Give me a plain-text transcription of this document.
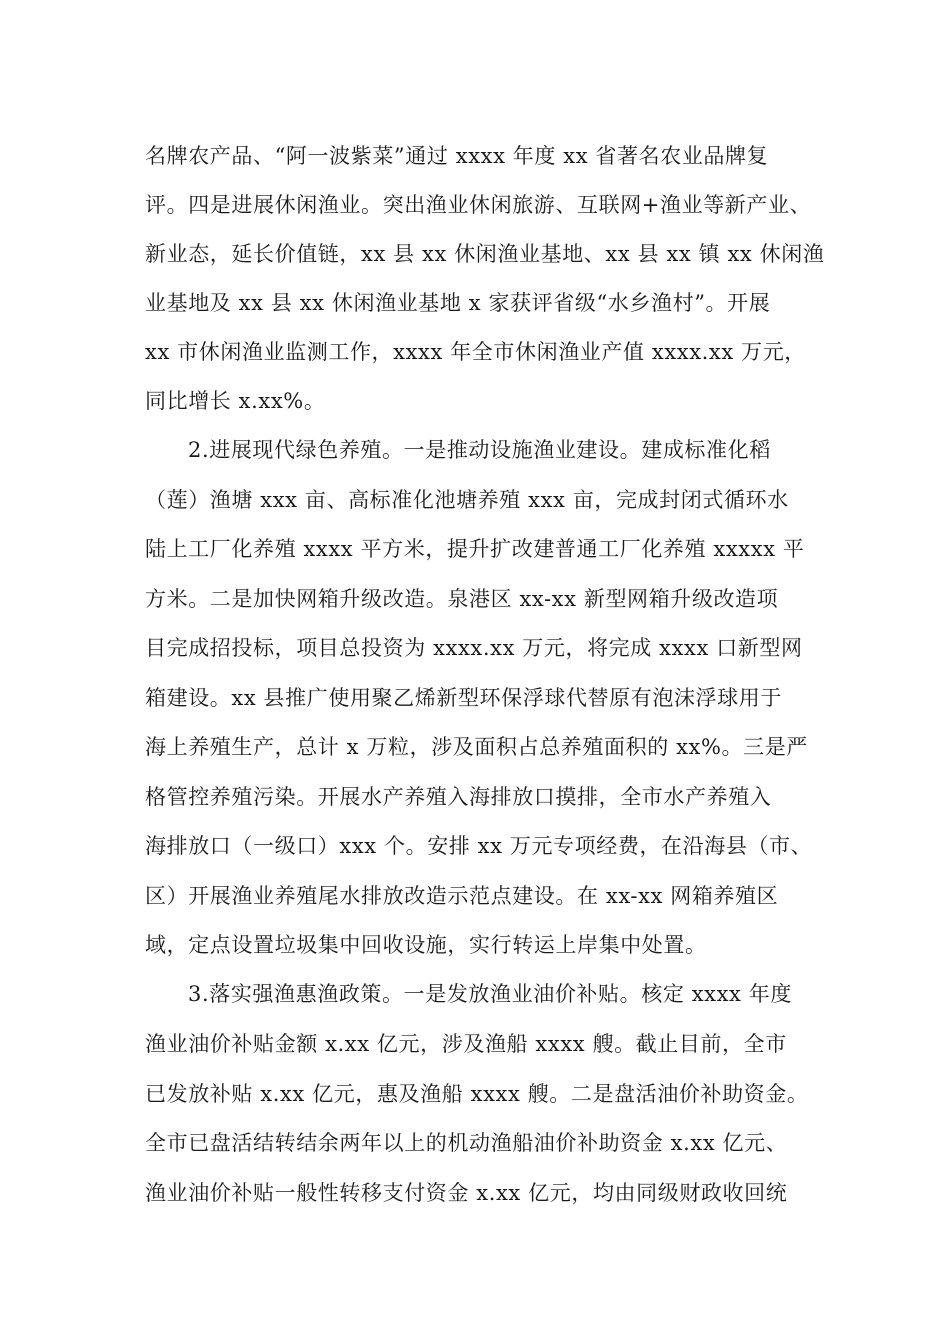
名牌农产品、“阿一波紫菜”通过 xxxx 年度 xx 省著名农业品牌复
评。四是进展休闲渔业。突出渔业休闲旅游、互联网+渔业等新产业、
新业态，延长价值链，xx 县 xx 休闲渔业基地、xx 县 xx 镇 xx 休闲渔
业基地及 xx 县 xx 休闲渔业基地 x 家获评省级“水乡渔村”。开展
xx 市休闲渔业监测工作，xxxx 年全市休闲渔业产值 xxxx.xx 万元，
同比增长 x.xx%。
2.进展现代绿色养殖。一是推动设施渔业建设。建成标准化稻
（莲）渔塘 xxx 亩、高标准化池塘养殖 xxx 亩，完成封闭式循环水
陆上工厂化养殖 xxxx 平方米，提升扩改建普通工厂化养殖 xxxxx 平
方米。二是加快网箱升级改造。泉港区 xx-xx 新型网箱升级改造项
目完成招投标，项目总投资为 xxxx.xx 万元，将完成 xxxx 口新型网
箱建设。xx 县推广使用聚乙烯新型环保浮球代替原有泡沫浮球用于
海上养殖生产，总计 x 万粒，涉及面积占总养殖面积的 xx%。三是严
格管控养殖污染。开展水产养殖入海排放口摸排，全市水产养殖入
海排放口（一级口）xxx 个。安排 xx 万元专项经费，在沿海县（市、
区）开展渔业养殖尾水排放改造示范点建设。在 xx-xx 网箱养殖区
域，定点设置垃圾集中回收设施，实行转运上岸集中处置。
3.落实强渔惠渔政策。一是发放渔业油价补贴。核定 xxxx 年度
渔业油价补贴金额 x.xx 亿元，涉及渔船 xxxx 艘。截止目前，全市
已发放补贴 x.xx 亿元，惠及渔船 xxxx 艘。二是盘活油价补助资金。
全市已盘活结转结余两年以上的机动渔船油价补助资金 x.xx 亿元、
渔业油价补贴一般性转移支付资金 x.xx 亿元，均由同级财政收回统
